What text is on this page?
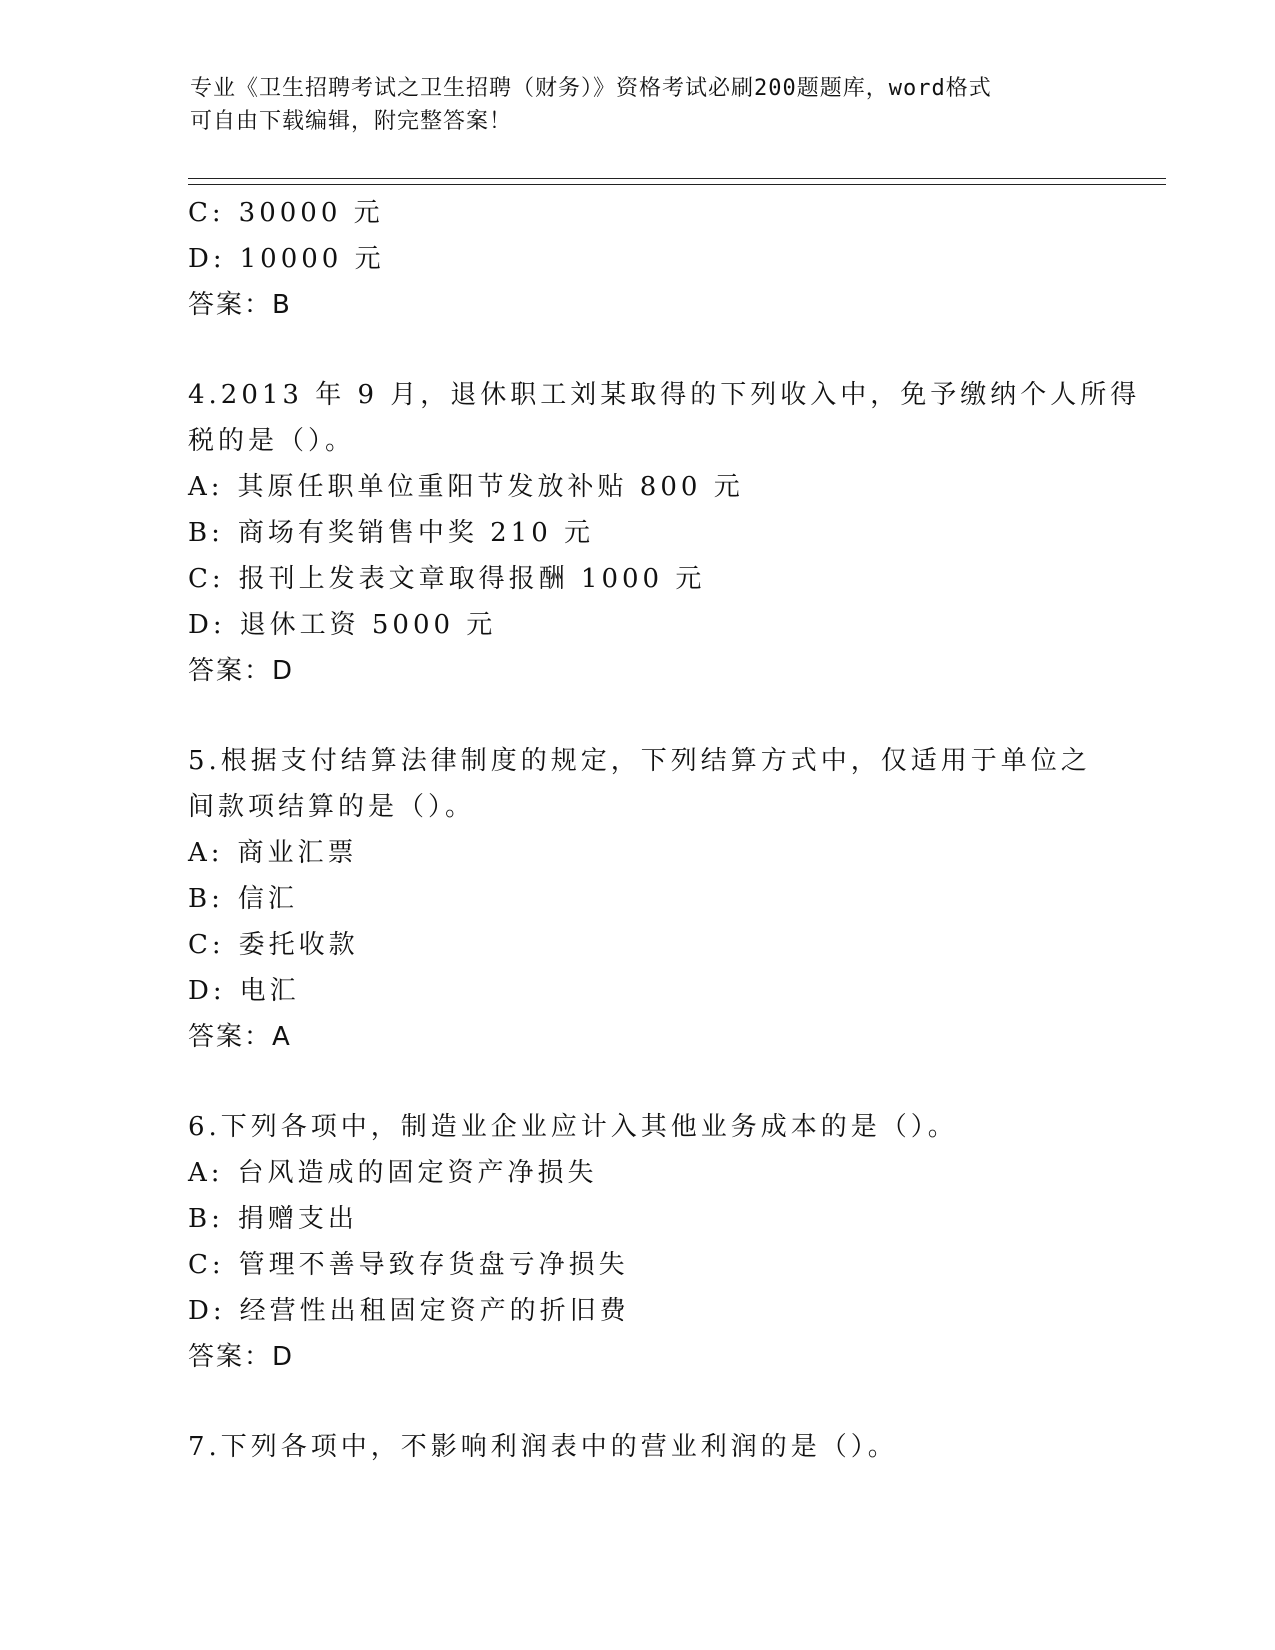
专业《卫生招聘考试之卫生招聘（财务）》资格考试必刷200题题库，word格式
可自由下载编辑，附完整答案！
C: 30000 元
D: 10000 元
答案：B
4.2013 年 9 月，退休职工刘某取得的下列收入中，免予缴纳个人所得
税的是（）。
A: 其原任职单位重阳节发放补贴 800 元
B: 商场有奖销售中奖 210 元
C: 报刊上发表文章取得报酬 1000 元
D: 退休工资 5000 元
答案：D
5.根据支付结算法律制度的规定，下列结算方式中，仅适用于单位之
间款项结算的是（）。
A: 商业汇票
B: 信汇
C: 委托收款
D: 电汇
答案：A
6.下列各项中，制造业企业应计入其他业务成本的是（）。
A: 台风造成的固定资产净损失
B: 捐赠支出
C: 管理不善导致存货盘亏净损失
D: 经营性出租固定资产的折旧费
答案：D
7.下列各项中，不影响利润表中的营业利润的是（）。
